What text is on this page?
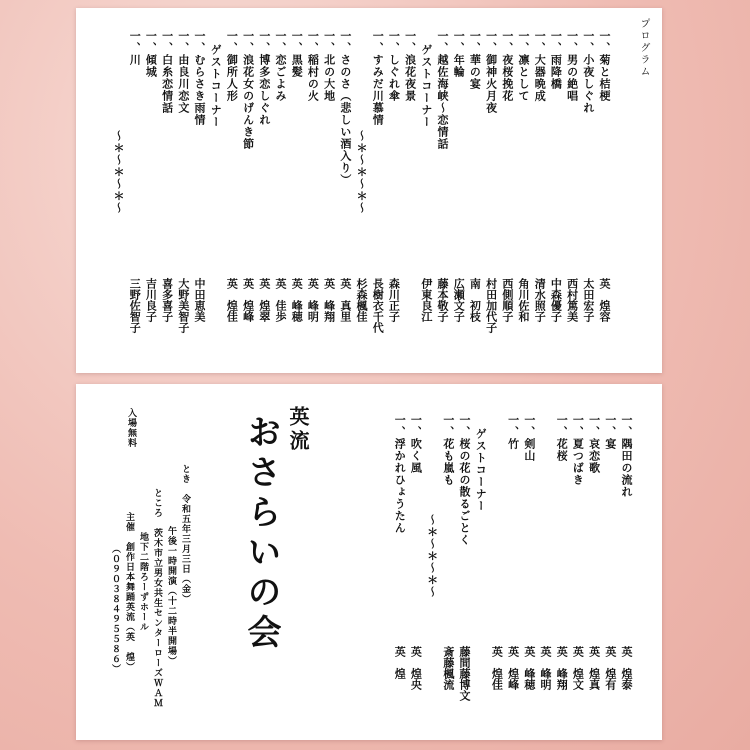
プログラム
一、菊と桔梗
英　煌容
一、小夜しぐれ
太田宏子
一、男の絶唱
西村篤美
一、雨降橋
中森優子
一、大器晩成
清水照子
一、凛として
角川佐和
一、夜桜挽花
西側順子
一、御神火月夜
村田加代子
一、華の宴
南　初枝
一、年輪
広瀬文子
一、越佐海峡〜恋情話
藤本敬子
ゲストコーナー
伊東良江
一、浪花夜景
一、しぐれ傘
森川正子
一、すみだ川慕情
長樹衣千代
〜＊〜＊〜＊〜
杉森楓佳
一、さのさ（悲しい酒入り）
英　真里
一、北の大地
英　峰翔
一、稲村の火
英　峰明
一、黒髪
英　峰穂
一、恋ごよみ
英　佳歩
一、博多恋しぐれ
英　煌翠
一、浪花女のげんき節
英　煌峰
一、御所人形
英　煌佳
ゲストコーナー
一、むらさき雨情
中田恵美
一、由良川恋文
大野美智子
一、白糸恋情話
喜多喜子
一、傾城
吉川良子
一、川
三野佐智子
〜＊〜＊〜＊〜
一、隅田の流れ
英　煌泰
一、宴
英　煌有
一、哀恋歌
英　煌真
一、夏つばき
英　煌文
一、花桜
英　峰翔
英　峰明
一、剣山
英　峰穂
一、竹
英　煌峰
英　煌佳
ゲストコーナー
一、桜の花の散るごとく
藤間藤博文
一、花も嵐も
斎藤楓流
〜＊〜＊〜＊〜
一、吹く風
英　煌央
一、浮かれひょうたん
英　煌
英流
おさらいの会
とき　令和五年三月三日（金）
午後一時開演（十二時半開場）
ところ　茨木市立男女共生センターローズＷＡＭ
地下二階ろーずホール
主催　創作日本舞踊英流（英　煌）
（０９０３８４９５５８６）
入場無料
